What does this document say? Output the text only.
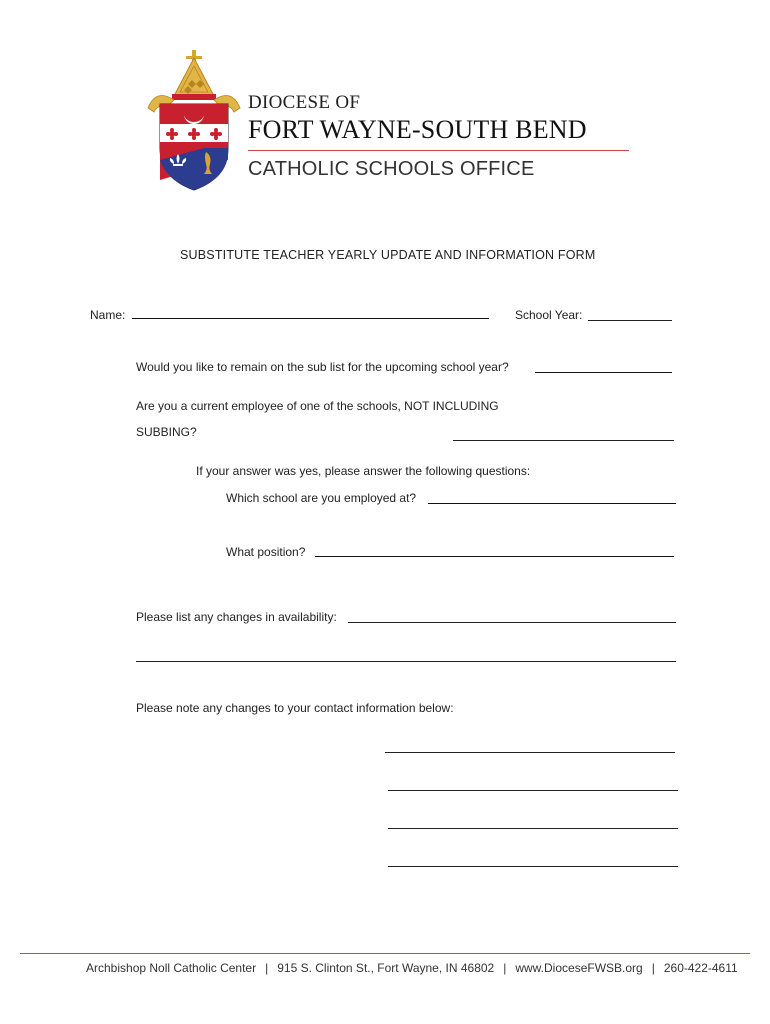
DIOCESE OF
FORT WAYNE-SOUTH BEND
CATHOLIC SCHOOLS OFFICE
SUBSTITUTE TEACHER YEARLY UPDATE AND INFORMATION FORM
Name:	School Year:
Would you like to remain on the sub list for the upcoming school year?
Are you a current employee of one of the schools, NOT INCLUDING
SUBBING?
If your answer was yes, please answer the following questions:
Which school are you employed at?
What position?
Please list any changes in availability:
Please note any changes to your contact information below:
Archbishop Noll Catholic Center | 915 S. Clinton St., Fort Wayne, IN 46802 | www.DioceseFWSB.org | 260-422-4611
